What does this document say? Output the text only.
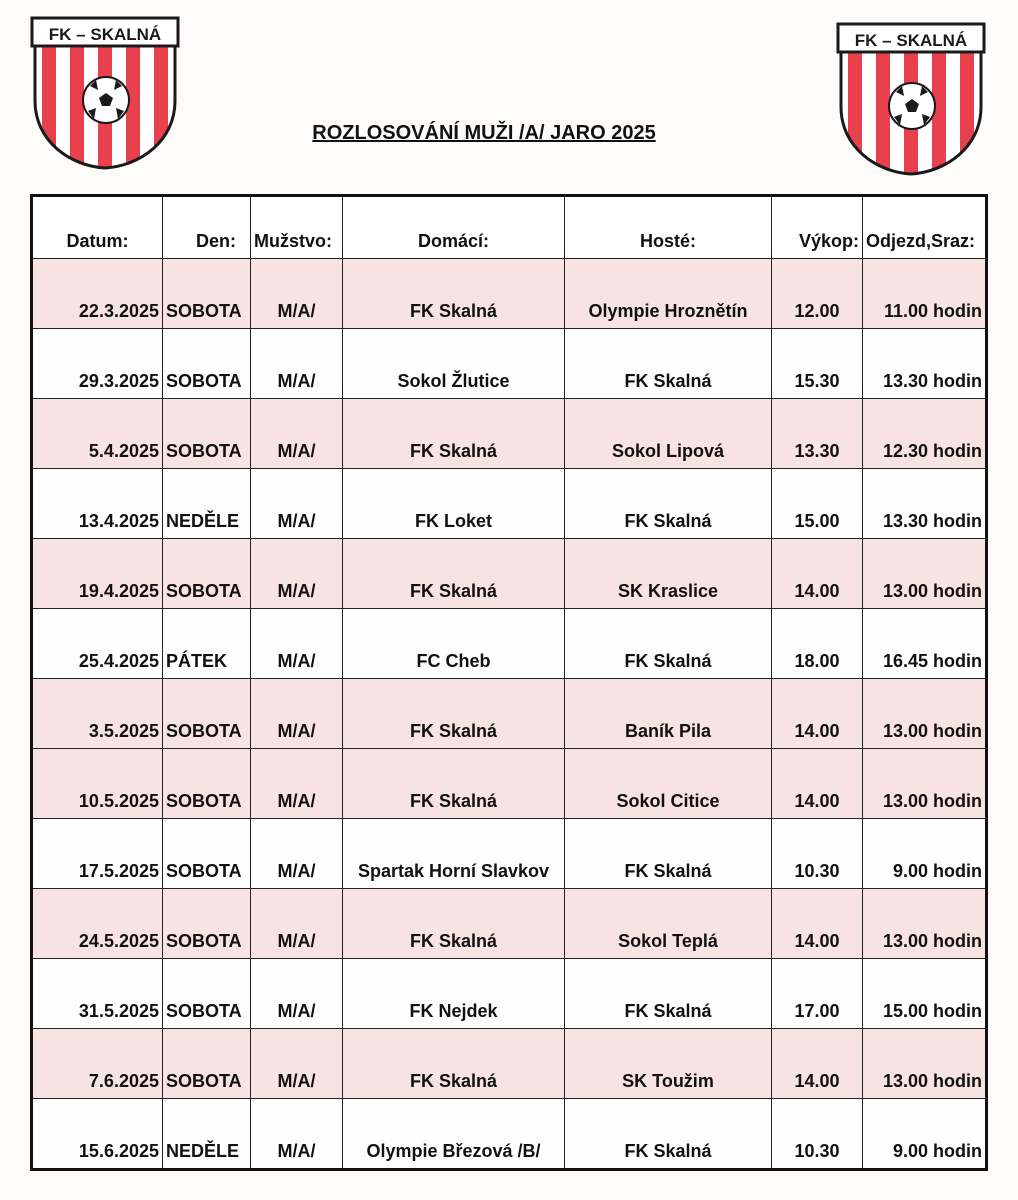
FK – SKALNÁ	FK – SKALNÁ
ROZLOSOVÁNÍ MUŽI /A/ JARO 2025
Datum:	Den:	Mužstvo:	Domácí:	Hosté:	Výkop:	Odjezd,Sraz:
22.3.2025	SOBOTA	M/A/	FK Skalná	Olympie Hroznětín	12.00	11.00 hodin
29.3.2025	SOBOTA	M/A/	Sokol Žlutice	FK Skalná	15.30	13.30 hodin
5.4.2025	SOBOTA	M/A/	FK Skalná	Sokol Lipová	13.30	12.30 hodin
13.4.2025	NEDĚLE	M/A/	FK Loket	FK Skalná	15.00	13.30 hodin
19.4.2025	SOBOTA	M/A/	FK Skalná	SK Kraslice	14.00	13.00 hodin
25.4.2025	PÁTEK	M/A/	FC Cheb	FK Skalná	18.00	16.45 hodin
3.5.2025	SOBOTA	M/A/	FK Skalná	Baník Pila	14.00	13.00 hodin
10.5.2025	SOBOTA	M/A/	FK Skalná	Sokol Citice	14.00	13.00 hodin
17.5.2025	SOBOTA	M/A/	Spartak Horní Slavkov	FK Skalná	10.30	9.00 hodin
24.5.2025	SOBOTA	M/A/	FK Skalná	Sokol Teplá	14.00	13.00 hodin
31.5.2025	SOBOTA	M/A/	FK Nejdek	FK Skalná	17.00	15.00 hodin
7.6.2025	SOBOTA	M/A/	FK Skalná	SK Toužim	14.00	13.00 hodin
15.6.2025	NEDĚLE	M/A/	Olympie Březová /B/	FK Skalná	10.30	9.00 hodin
